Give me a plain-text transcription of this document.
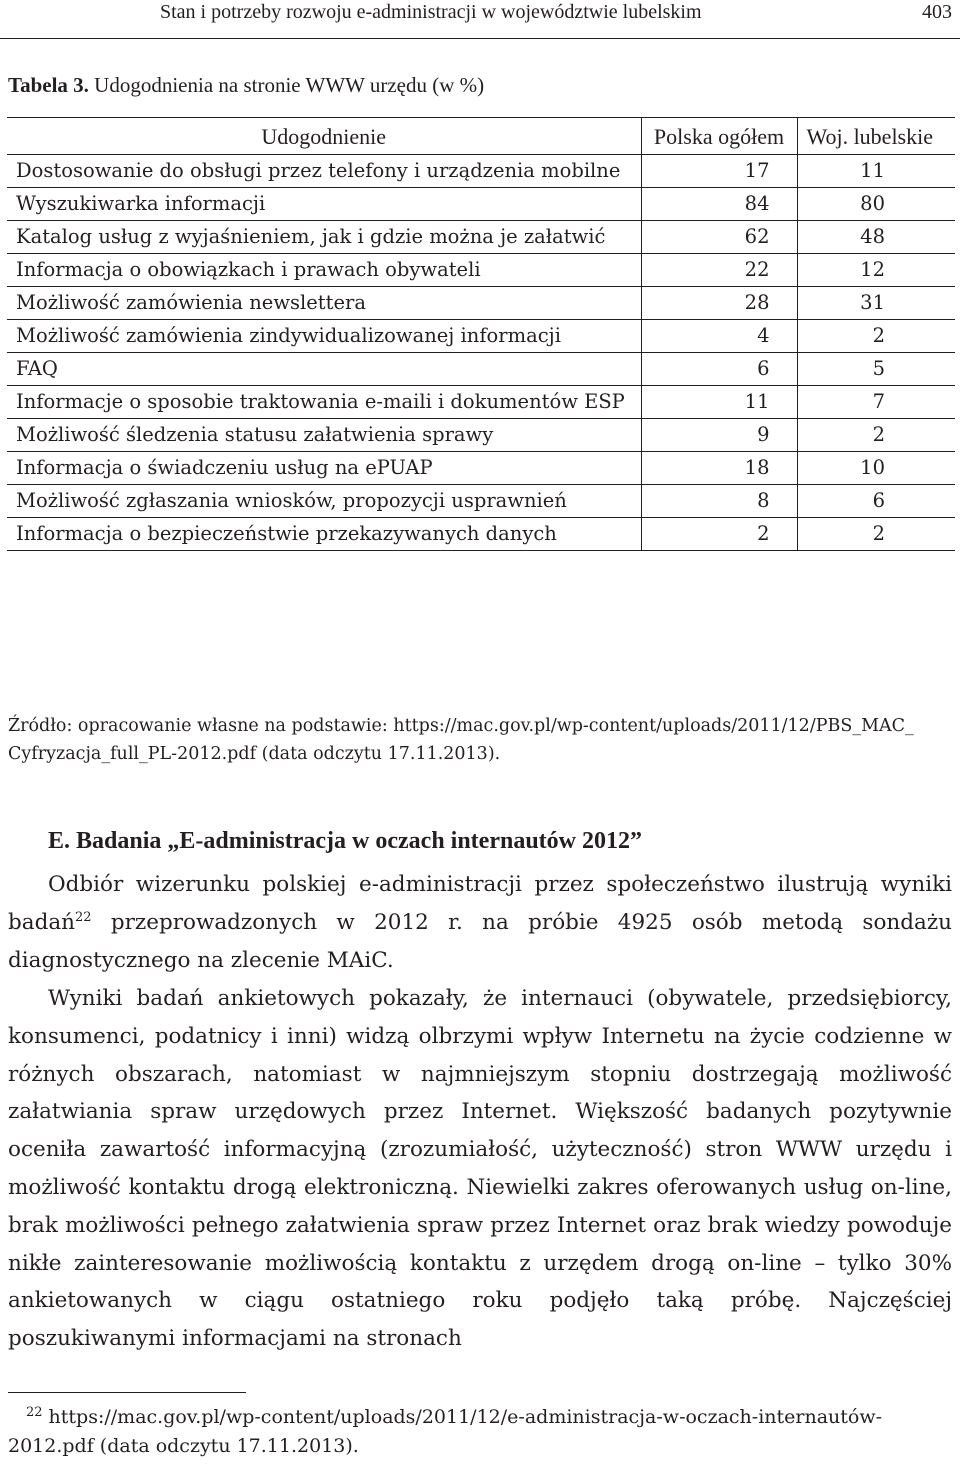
Stan i potrzeby rozwoju e-administracji w województwie lubelskim	403
Tabela 3. Udogodnienia na stronie WWW urzędu (w %)
Udogodnienie	Polska ogółem	Woj. lubelskie
Dostosowanie do obsługi przez telefony i urządzenia mobilne	17	11
Wyszukiwarka informacji	84	80
Katalog usług z wyjaśnieniem, jak i gdzie można je załatwić	62	48
Informacja o obowiązkach i prawach obywateli	22	12
Możliwość zamówienia newslettera	28	31
Możliwość zamówienia zindywidualizowanej informacji	4	2
FAQ	6	5
Informacje o sposobie traktowania e-maili i dokumentów ESP	11	7
Możliwość śledzenia statusu załatwienia sprawy	9	2
Informacja o świadczeniu usług na ePUAP	18	10
Możliwość zgłaszania wniosków, propozycji usprawnień	8	6
Informacja o bezpieczeństwie przekazywanych danych	2	2
Źródło: opracowanie własne na podstawie: https://mac.gov.pl/wp-content/uploads/2011/12/PBS_MAC_ Cyfryzacja_full_PL-2012.pdf (data odczytu 17.11.2013).
E. Badania „E-administracja w oczach internautów 2012”
Odbiór wizerunku polskiej e-administracji przez społeczeństwo ilustrują wyniki badań$^{22}$ przeprowadzonych w 2012 r. na próbie 4925 osób metodą sondażu diagnostycznego na zlecenie MAiC.
Wyniki badań ankietowych pokazały, że internauci (obywatele, przedsiębiorcy, konsumenci, podatnicy i inni) widzą olbrzymi wpływ Internetu na życie codzienne w różnych obszarach, natomiast w najmniejszym stopniu dostrzegają możliwość załatwiania spraw urzędowych przez Internet. Większość badanych pozytywnie oceniła zawartość informacyjną (zrozumiałość, użyteczność) stron WWW urzędu i możliwość kontaktu drogą elektroniczną. Niewielki zakres oferowanych usług on-line, brak możliwości pełnego załatwienia spraw przez Internet oraz brak wiedzy powoduje nikłe zainteresowanie możliwością kontaktu z urzędem drogą on-line – tylko 30% ankietowanych w ciągu ostatniego roku podjęło taką próbę. Najczęściej poszukiwanymi informacjami na stronach
$^{22}$ https://mac.gov.pl/wp-content/uploads/2011/12/e-administracja-w-oczach-internautów-2012.pdf (data odczytu 17.11.2013).
